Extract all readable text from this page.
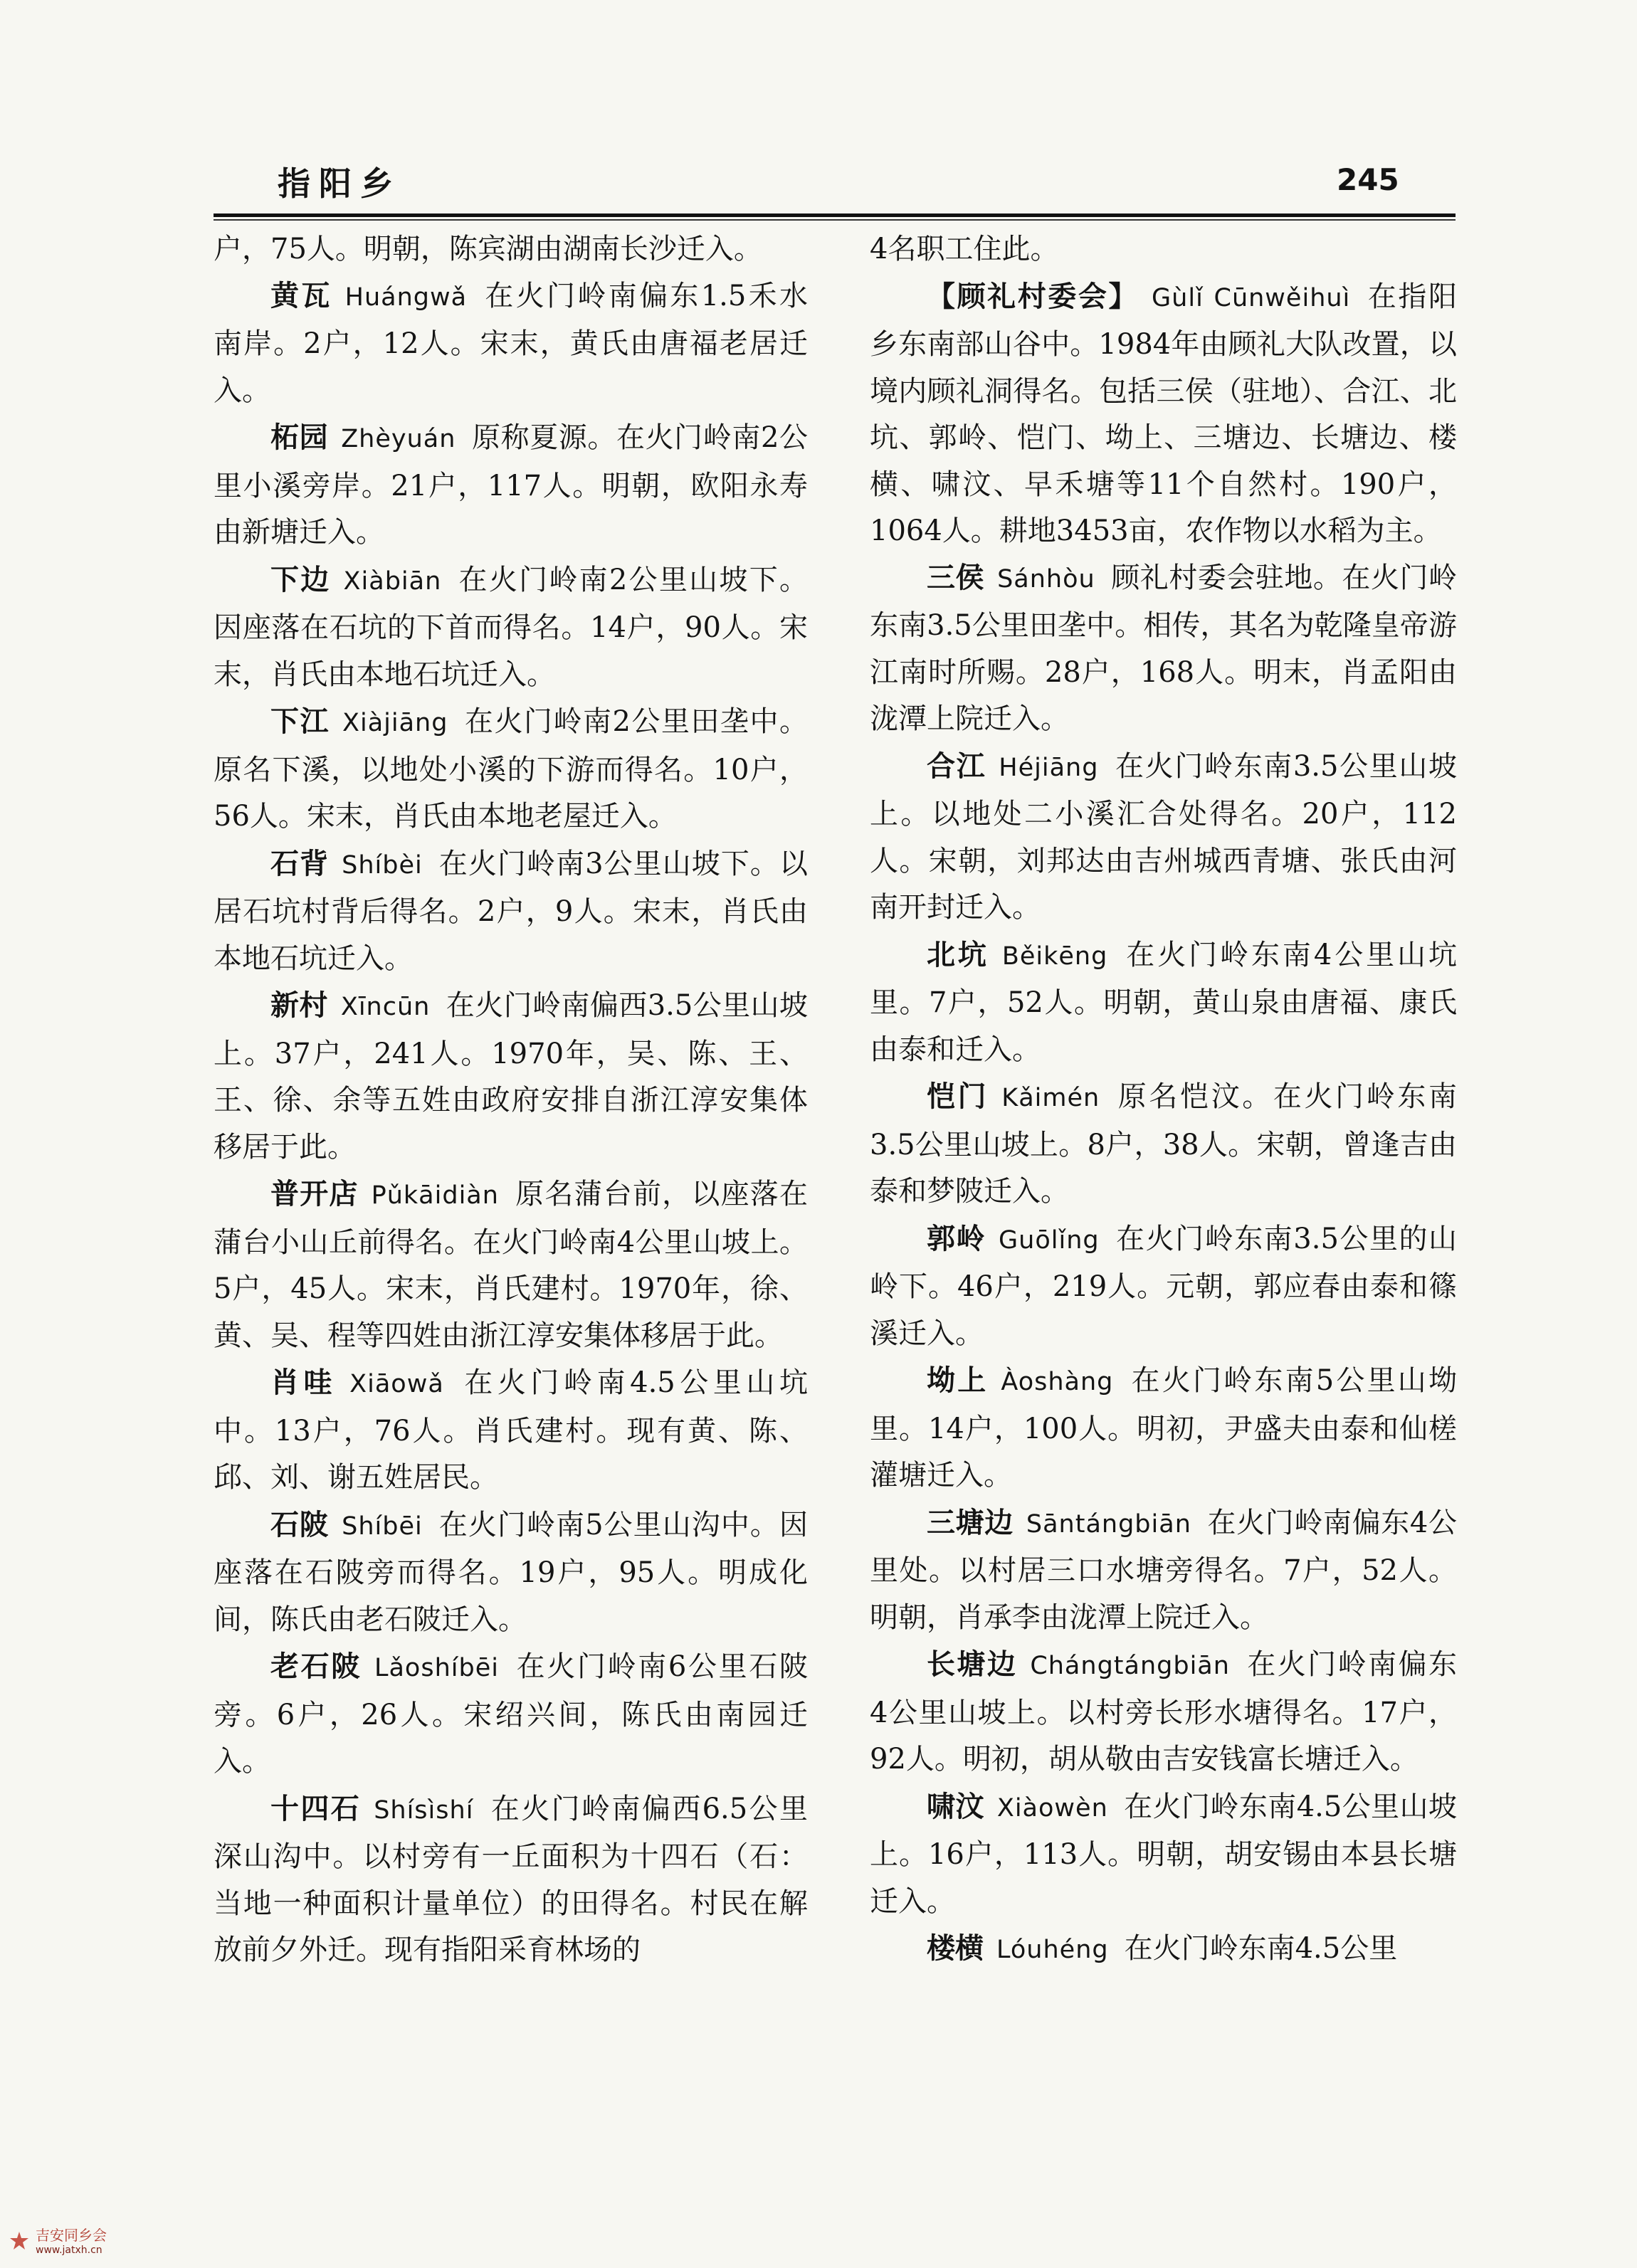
指阳乡	245
户，75人。明朝，陈宾湖由湖南长沙迁入。
黄瓦 Huángwǎ 在火门岭南偏东1.5禾水南岸。2户，12人。宋末，黄氏由唐福老居迁入。
柘园 Zhèyuán 原称夏源。在火门岭南2公里小溪旁岸。21户，117人。明朝，欧阳永寿由新塘迁入。
下边 Xiàbiān 在火门岭南2公里山坡下。因座落在石坑的下首而得名。14户，90人。宋末，肖氏由本地石坑迁入。
下江 Xiàjiāng 在火门岭南2公里田垄中。原名下溪，以地处小溪的下游而得名。10户，56人。宋末，肖氏由本地老屋迁入。
石背 Shíbèi 在火门岭南3公里山坡下。以居石坑村背后得名。2户，9人。宋末，肖氏由本地石坑迁入。
新村 Xīncūn 在火门岭南偏西3.5公里山坡上。37户，241人。1970年，吴、陈、王、王、徐、余等五姓由政府安排自浙江淳安集体移居于此。
普开店 Pǔkāidiàn 原名蒲台前，以座落在蒲台小山丘前得名。在火门岭南4公里山坡上。5户，45人。宋末，肖氏建村。1970年，徐、黄、吴、程等四姓由浙江淳安集体移居于此。
肖哇 Xiāowǎ 在火门岭南4.5公里山坑中。13户，76人。肖氏建村。现有黄、陈、邱、刘、谢五姓居民。
石陂 Shíbēi 在火门岭南5公里山沟中。因座落在石陂旁而得名。19户，95人。明成化间，陈氏由老石陂迁入。
老石陂 Lǎoshíbēi 在火门岭南6公里石陂旁。6户，26人。宋绍兴间，陈氏由南园迁入。
十四石 Shísìshí 在火门岭南偏西6.5公里深山沟中。以村旁有一丘面积为十四石（石：当地一种面积计量单位）的田得名。村民在解放前夕外迁。现有指阳采育林场的
4名职工住此。
【顾礼村委会】 Gùlǐ Cūnwěihuì 在指阳乡东南部山谷中。1984年由顾礼大队改置，以境内顾礼洞得名。包括三侯（驻地）、合江、北坑、郭岭、恺门、坳上、三塘边、长塘边、楼横、啸汶、早禾塘等11个自然村。190户，1064人。耕地3453亩，农作物以水稻为主。
三侯 Sánhòu 顾礼村委会驻地。在火门岭东南3.5公里田垄中。相传，其名为乾隆皇帝游江南时所赐。28户，168人。明末，肖孟阳由泷潭上院迁入。
合江 Héjiāng 在火门岭东南3.5公里山坡上。以地处二小溪汇合处得名。20户，112人。宋朝，刘邦达由吉州城西青塘、张氏由河南开封迁入。
北坑 Běikēng 在火门岭东南4公里山坑里。7户，52人。明朝，黄山泉由唐福、康氏由泰和迁入。
恺门 Kǎimén 原名恺汶。在火门岭东南3.5公里山坡上。8户，38人。宋朝，曾逢吉由泰和梦陂迁入。
郭岭 Guōlǐng 在火门岭东南3.5公里的山岭下。46户，219人。元朝，郭应春由泰和篠溪迁入。
坳上 Àoshàng 在火门岭东南5公里山坳里。14户，100人。明初，尹盛夫由泰和仙槎灌塘迁入。
三塘边 Sāntángbiān 在火门岭南偏东4公里处。以村居三口水塘旁得名。7户，52人。明朝，肖承李由泷潭上院迁入。
长塘边 Chángtángbiān 在火门岭南偏东4公里山坡上。以村旁长形水塘得名。17户，92人。明初，胡从敬由吉安钱富长塘迁入。
啸汶 Xiàowèn 在火门岭东南4.5公里山坡上。16户，113人。明朝，胡安锡由本县长塘迁入。
楼横 Lóuhéng 在火门岭东南4.5公里
吉安同乡会
www.jatxh.cn
